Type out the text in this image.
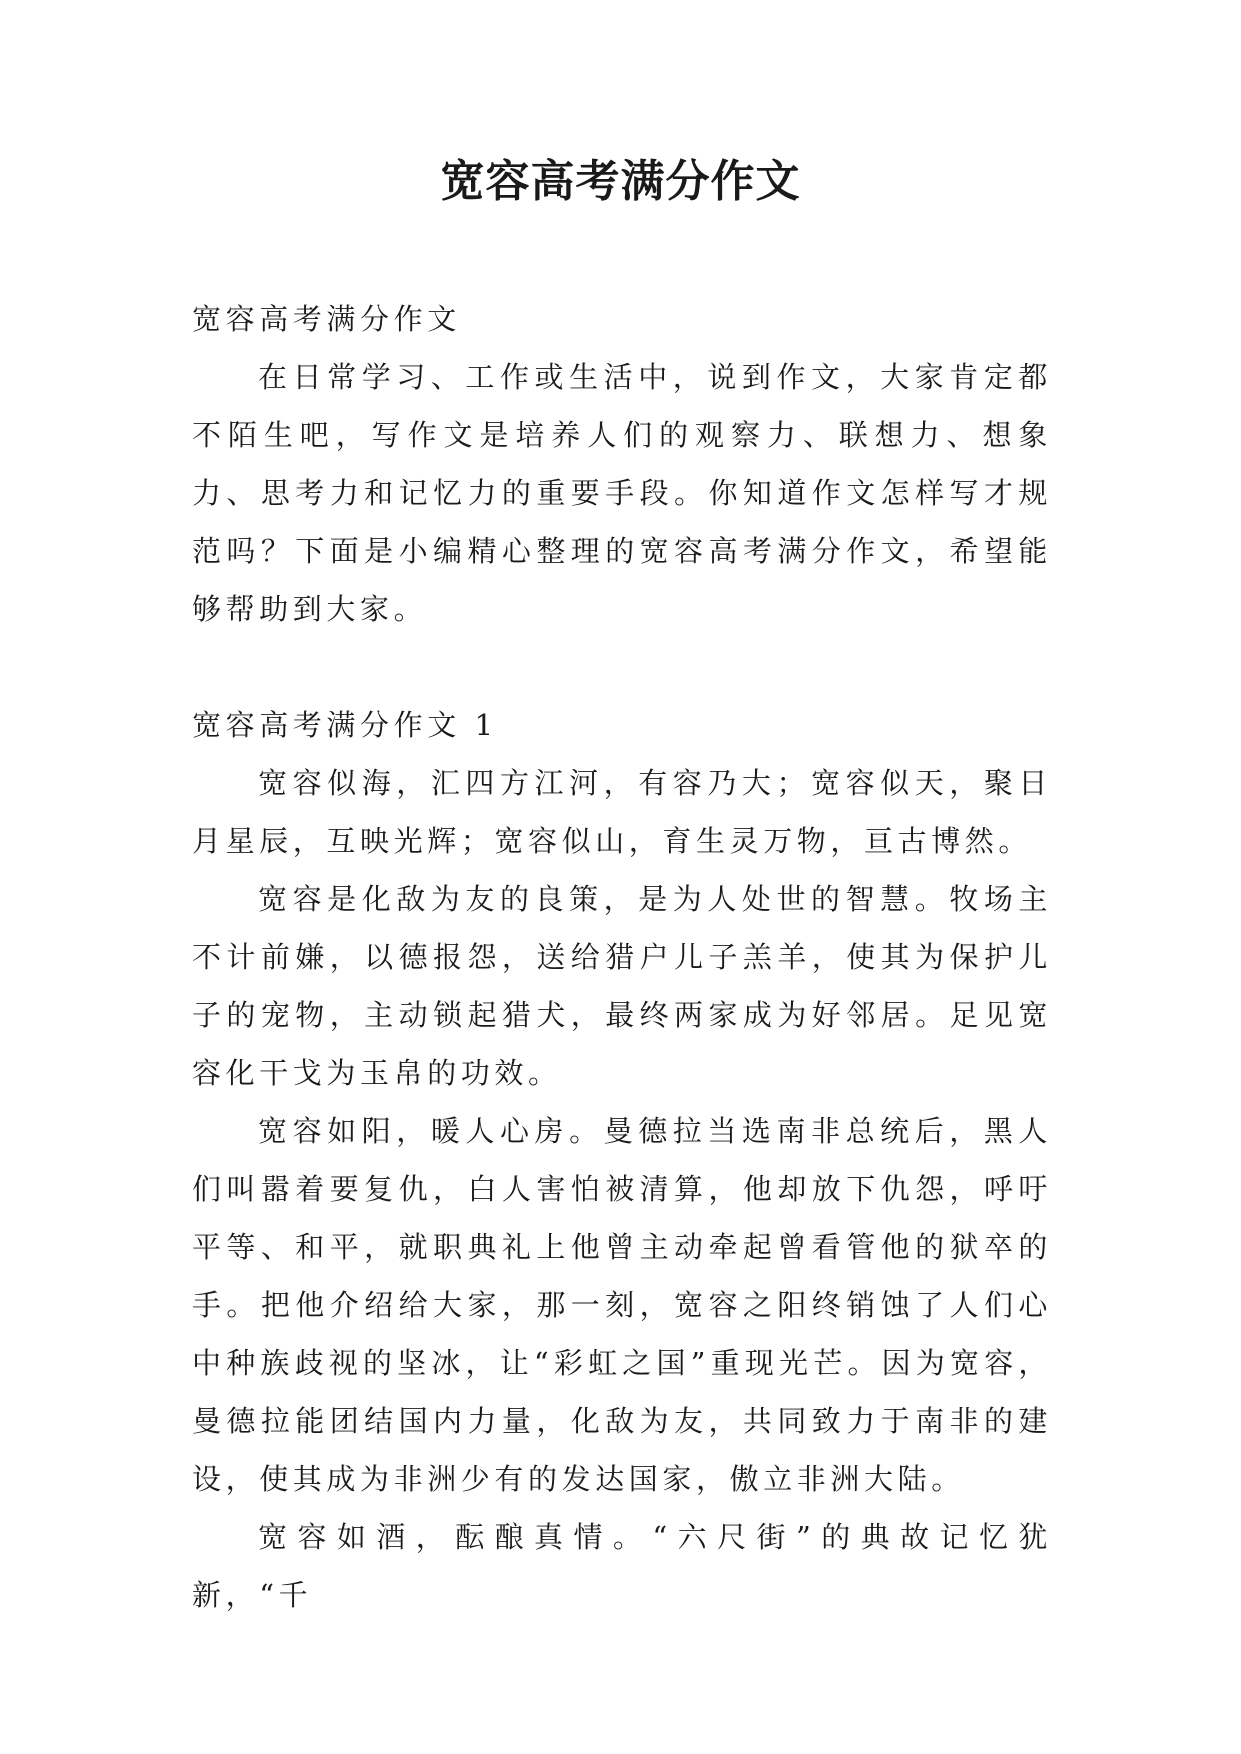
宽容高考满分作文

宽容高考满分作文

在日常学习、工作或生活中，说到作文，大家肯定都不陌生吧，写作文是培养人们的观察力、联想力、想象力、思考力和记忆力的重要手段。你知道作文怎样写才规范吗？下面是小编精心整理的宽容高考满分作文，希望能够帮助到大家。

宽容高考满分作文 1

宽容似海，汇四方江河，有容乃大；宽容似天，聚日月星辰，互映光辉；宽容似山，育生灵万物，亘古博然。

宽容是化敌为友的良策，是为人处世的智慧。牧场主不计前嫌，以德报怨，送给猎户儿子羔羊，使其为保护儿子的宠物，主动锁起猎犬，最终两家成为好邻居。足见宽容化干戈为玉帛的功效。

宽容如阳，暖人心房。曼德拉当选南非总统后，黑人们叫嚣着要复仇，白人害怕被清算，他却放下仇怨，呼吁平等、和平，就职典礼上他曾主动牵起曾看管他的狱卒的手。把他介绍给大家，那一刻，宽容之阳终销蚀了人们心中种族歧视的坚冰，让“彩虹之国”重现光芒。因为宽容，曼德拉能团结国内力量，化敌为友，共同致力于南非的建设，使其成为非洲少有的发达国家，傲立非洲大陆。

宽容如酒，酝酿真情。“六尺街”的典故记忆犹新，“千
